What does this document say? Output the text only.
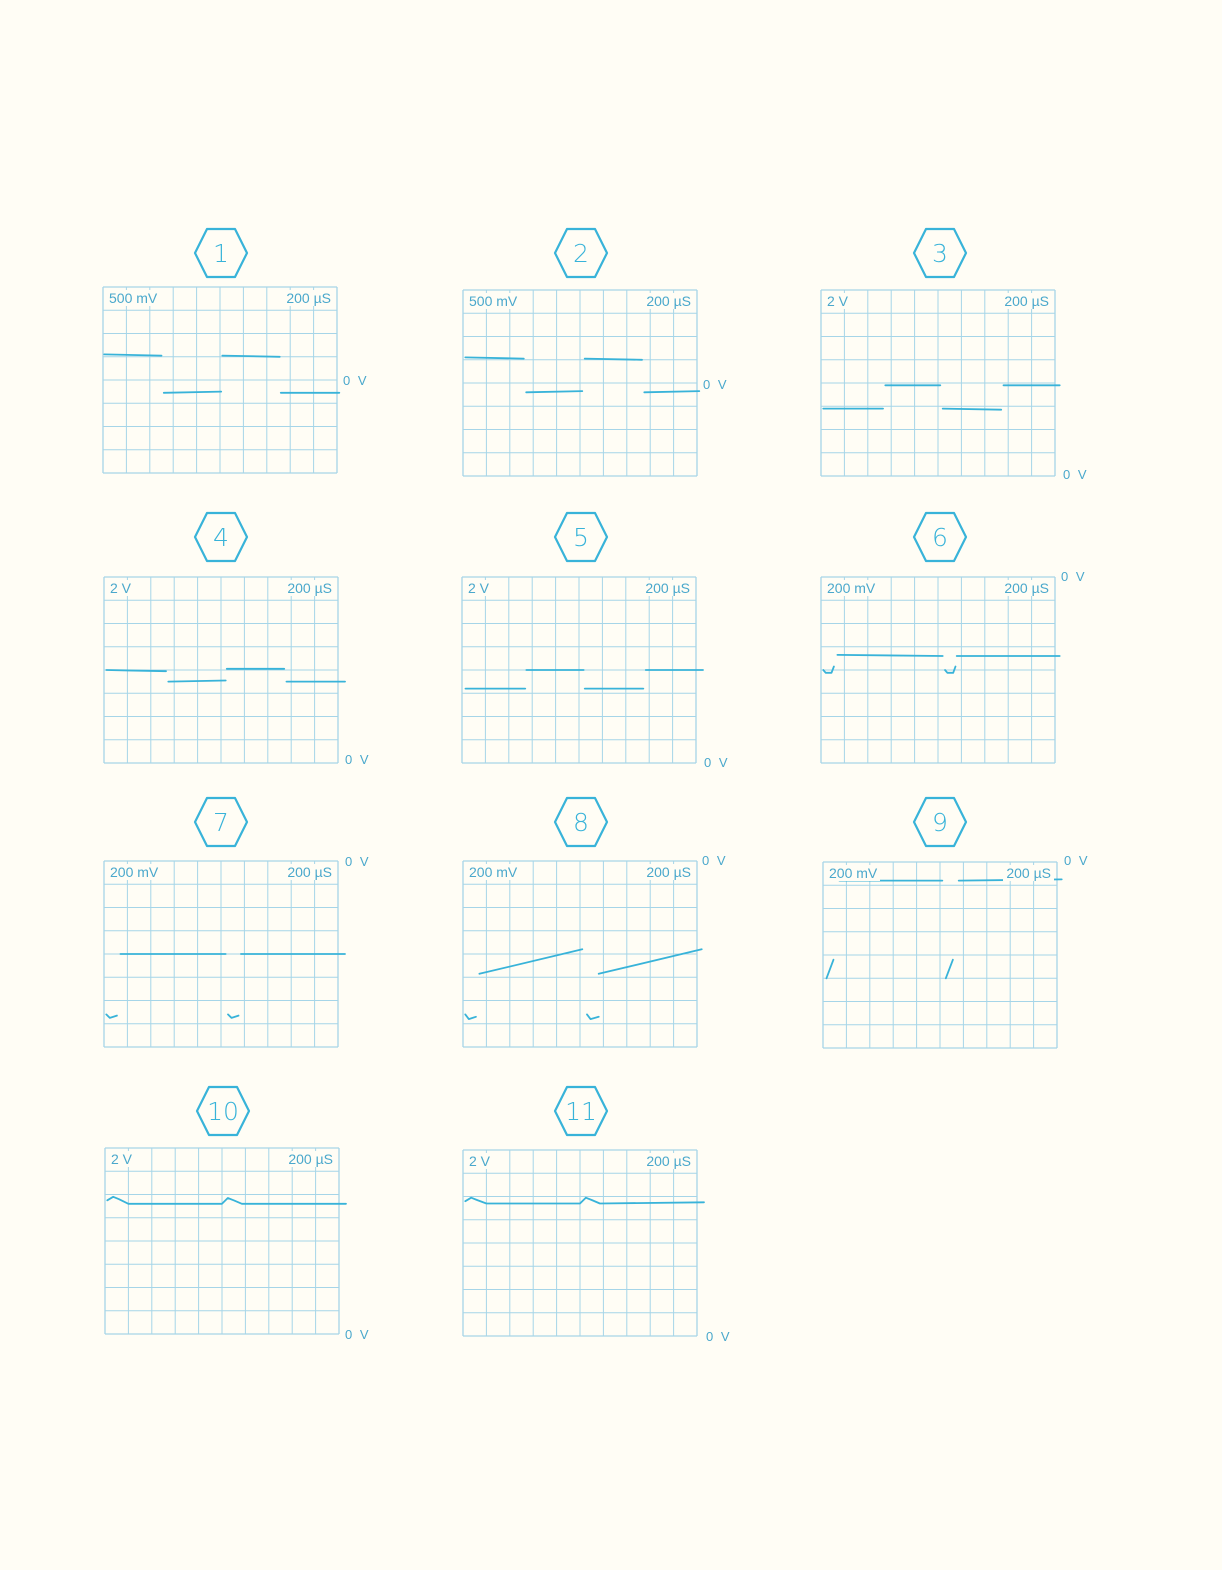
1
500 mV	200 µS
0 V
2
500 mV	200 µS
0 V
3
2 V	200 µS
0 V
4
2 V	200 µS
0 V
5
2 V	200 µS
0 V
6
200 mV	200 µS
0 V
7
200 mV	200 µS
0 V
8
200 mV	200 µS
0 V
9
200 mV	200 µS
0 V
10
2 V	200 µS
0 V
11
2 V	200 µS
0 V
